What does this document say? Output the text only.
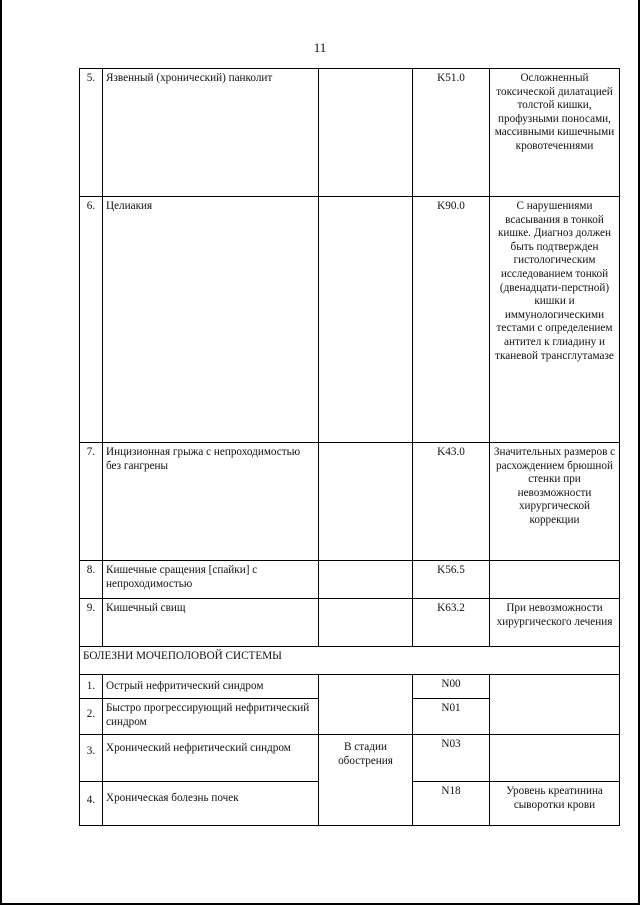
11
5.	Язвенный (хронический) панколит		K51.0	Осложненный токсической дилатацией толстой кишки, профузными поносами, массивными кишечными кровотечениями
6.	Целиакия		K90.0	С нарушениями всасывания в тонкой кишке. Диагноз должен быть подтвержден гистологическим исследованием тонкой (двенадцати-перстной) кишки и иммунологическими тестами с определением антител к глиадину и тканевой трансглутамазе
7.	Инцизионная грыжа с непроходимостью без гангрены		K43.0	Значительных размеров с расхождением брюшной стенки при невозможности хирургической коррекции
8.	Кишечные сращения [спайки] с непроходимостью		K56.5	
9.	Кишечный свищ		K63.2	При невозможности хирургического лечения
БОЛЕЗНИ МОЧЕПОЛОВОЙ СИСТЕМЫ				
1.	Острый нефритический синдром		N00	
2.	Быстро прогрессирующий нефритический синдром		N01	
3.	Хронический нефритический синдром	В стадии обострения	N03	
4.	Хроническая болезнь почек		N18	Уровень креатинина сыворотки крови
